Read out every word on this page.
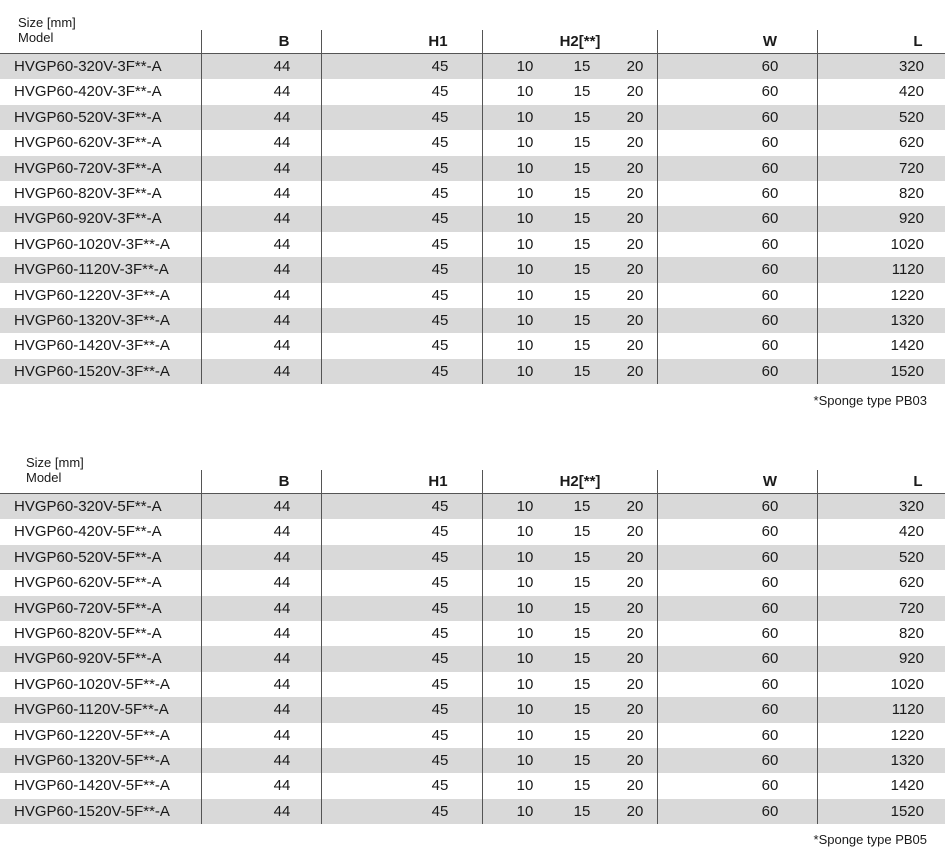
Size [mm]
Model	B	H1	H2[**]	W	L
HVGP60-320V-3F**-A	44	45	10	15	20	60	320
HVGP60-420V-3F**-A	44	45	10	15	20	60	420
HVGP60-520V-3F**-A	44	45	10	15	20	60	520
HVGP60-620V-3F**-A	44	45	10	15	20	60	620
HVGP60-720V-3F**-A	44	45	10	15	20	60	720
HVGP60-820V-3F**-A	44	45	10	15	20	60	820
HVGP60-920V-3F**-A	44	45	10	15	20	60	920
HVGP60-1020V-3F**-A	44	45	10	15	20	60	1020
HVGP60-1120V-3F**-A	44	45	10	15	20	60	1120
HVGP60-1220V-3F**-A	44	45	10	15	20	60	1220
HVGP60-1320V-3F**-A	44	45	10	15	20	60	1320
HVGP60-1420V-3F**-A	44	45	10	15	20	60	1420
HVGP60-1520V-3F**-A	44	45	10	15	20	60	1520
*Sponge type PB03
Size [mm]
Model	B	H1	H2[**]	W	L
HVGP60-320V-5F**-A	44	45	10	15	20	60	320
HVGP60-420V-5F**-A	44	45	10	15	20	60	420
HVGP60-520V-5F**-A	44	45	10	15	20	60	520
HVGP60-620V-5F**-A	44	45	10	15	20	60	620
HVGP60-720V-5F**-A	44	45	10	15	20	60	720
HVGP60-820V-5F**-A	44	45	10	15	20	60	820
HVGP60-920V-5F**-A	44	45	10	15	20	60	920
HVGP60-1020V-5F**-A	44	45	10	15	20	60	1020
HVGP60-1120V-5F**-A	44	45	10	15	20	60	1120
HVGP60-1220V-5F**-A	44	45	10	15	20	60	1220
HVGP60-1320V-5F**-A	44	45	10	15	20	60	1320
HVGP60-1420V-5F**-A	44	45	10	15	20	60	1420
HVGP60-1520V-5F**-A	44	45	10	15	20	60	1520
*Sponge type PB05
